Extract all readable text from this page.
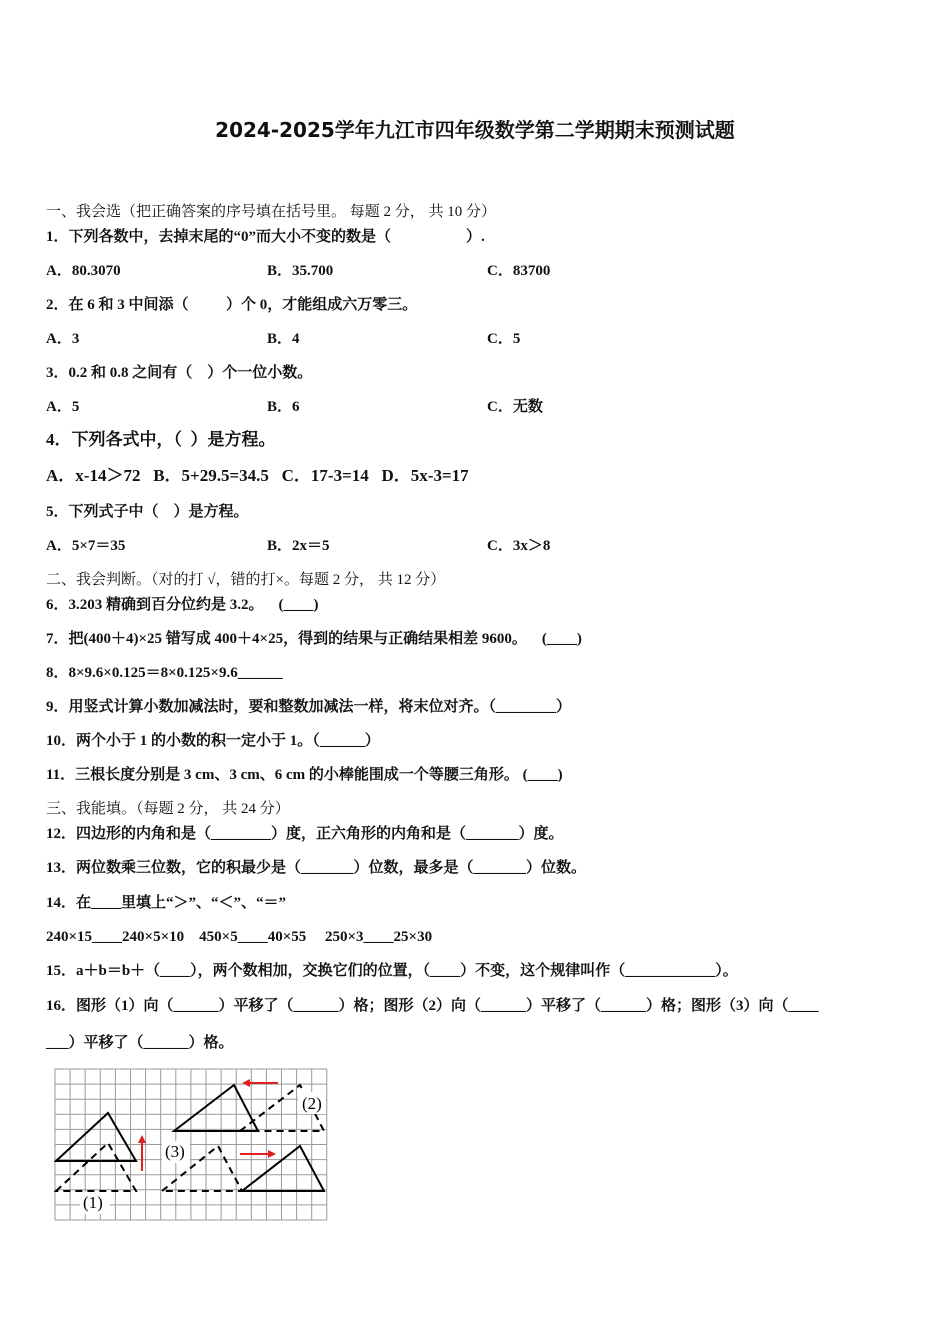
2024-2025学年九江市四年级数学第二学期期末预测试题
一、我会选（把正确答案的序号填在括号里。 每题 2 分， 共 10 分）
1．下列各数中，去掉末尾的“0”而大小不变的数是（                    ）.
A．80.3070	B．35.700	C．83700
2．在 6 和 3 中间添（          ）个 0，才能组成六万零三。
A．3	B．4	C．5
3．0.2 和 0.8 之间有（    ）个一位小数。
A．5	B．6	C．无数
4．下列各式中，（  ）是方程。
A．x-14＞72   B．5+29.5=34.5   C．17-3=14   D．5x-3=17
5．下列式子中（    ）是方程。
A．5×7＝35	B．2x＝5	C．3x＞8
二、我会判断。（对的打 √，错的打×。每题 2 分， 共 12 分）
6．3.203 精确到百分位约是 3.2。    (____)
7．把(400＋4)×25 错写成 400＋4×25，得到的结果与正确结果相差 9600。    (____)
8．8×9.6×0.125＝8×0.125×9.6______
9．用竖式计算小数加减法时，要和整数加减法一样，将末位对齐。（________）
10．两个小于 1 的小数的积一定小于 1。（______）
11．三根长度分别是 3 cm、3 cm、6 cm 的小棒能围成一个等腰三角形。 (____)
三、我能填。（每题 2 分， 共 24 分）
12．四边形的内角和是（________）度，正六角形的内角和是（_______）度。
13．两位数乘三位数，它的积最少是（_______）位数，最多是（_______）位数。
14．在____里填上“＞”、“＜”、“＝”
240×15____240×5×10    450×5____40×55     250×3____25×30
15．a＋b＝b＋（____），两个数相加，交换它们的位置，（____）不变，这个规律叫作（____________）。
16．图形（1）向（______）平移了（______）格；图形（2）向（______）平移了（______）格；图形（3）向（____
___）平移了（______）格。
(2)
(3)
(1)
